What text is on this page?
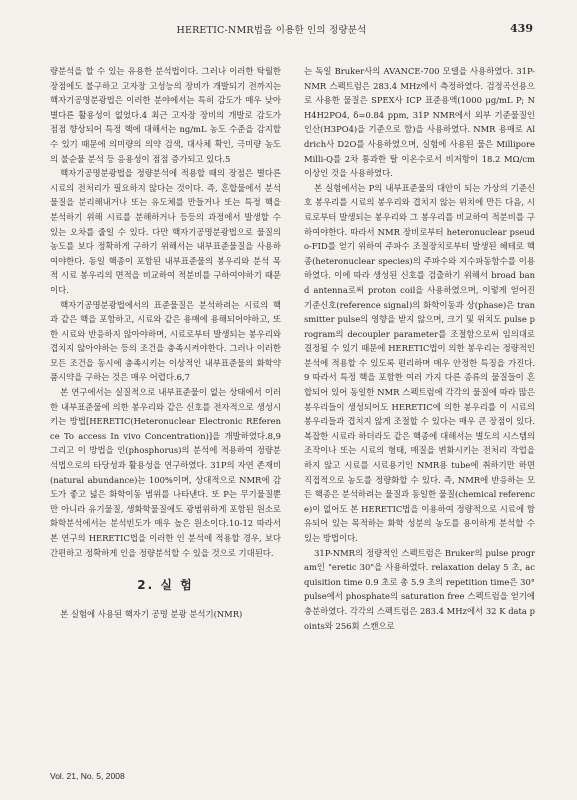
HERETIC-NMR법을 이용한 인의 정량분석	439

량분석을 할 수 있는 유용한 분석법이다. 그러나 이러한 탁월한 장점에도 불구하고 고자장 고성능의 장비가 개발되기 전까지는 핵자기공명분광법은 이러한 분야에서는 특히 감도가 매우 낮아 별다른 활용성이 없었다.4 최근 고자장 장비의 개발로 감도가 점점 향상되어 특정 핵에 대해서는 ng/mL 농도 수준을 감지할 수 있기 때문에 의미량의 의약 검색, 대사체 확인, 극미량 농도의 불순물 분석 등 응용성이 점점 증가되고 있다.5

핵자기공명분광법을 정량분석에 적용할 때의 장점은 별다른 시료의 전처리가 필요하지 않다는 것이다. 즉, 혼합물에서 분석물질을 분리해내거나 또는 유도체를 만들거나 또는 특정 핵을 분석하기 위해 시료를 분해하거나 등등의 과정에서 발생할 수 있는 오차를 줄일 수 있다. 다만 핵자기공명분광법으로 물질의 농도를 보다 정확하게 구하기 위해서는 내부표준물질을 사용하여야한다. 동일 핵종이 포함된 내부표준물의 봉우리와 분석 목적 시료 봉우리의 면적을 비교하여 적분비를 구하여야하기 때문이다.

핵자기공명분광법에서의 표준물질은 분석하려는 시료의 핵과 같은 핵을 포함하고, 시료와 같은 용매에 용해되어야하고, 또한 시료와 반응하지 않아야하며, 시료로부터 발생되는 봉우리와 겹치지 않아야하는 등의 조건을 충족시켜야한다. 그러나 이러한 모든 조건을 동시에 충족시키는 이상적인 내부표준물의 화학약품시약을 구하는 것은 매우 어렵다.6,7

본 연구에서는 실질적으로 내부표준물이 없는 상태에서 이러한 내부표준물에 의한 봉우리와 같은 신호를 전자적으로 생성시키는 방법[HERETIC(Heteronuclear Electronic REference To access In vivo Concentration)]을 개발하였다.8,9 그리고 이 방법을 인(phosphorus)의 분석에 적용하여 정량분석법으로의 타당성과 활용성을 연구하였다. 31P의 자연 존재비(natural abundance)는 100%이며, 상대적으로 NMR에 감도가 좋고 넓은 화학이동 범위를 나타낸다. 또 P는 무기물질뿐만 아니라 유기물질, 생화학물질에도 광범위하게 포함된 원소로 화학분석에서는 분석빈도가 매우 높은 원소이다.10-12 따라서 본 연구의 HERETIC법을 이러한 인 분석에 적용할 경우, 보다 간편하고 정확하게 인을 정량분석할 수 있을 것으로 기대된다.

2. 실 험

본 실험에 사용된 핵자기 공명 분광 분석기(NMR)

는 독일 Bruker사의 AVANCE-700 모델을 사용하였다. 31P-NMR 스펙트럼은 283.4 MHz에서 측정하였다. 검정곡선용으로 사용한 물질은 SPEX사 ICP 표준용액(1000 μg/mL P; NH4H2PO4, δ=0.84 ppm, 31P NMR에서 외부 기준물질인 인산(H3PO4)을 기준으로 함)을 사용하였다. NMR 용매로 Aldrich사 D2O를 사용하였으며, 실험에 사용된 물은 Millipore Milli-Q를 2차 통과한 탈 이온수로서 비저항이 18.2 MΩ/cm 이상인 것을 사용하였다.

본 실험에서는 P의 내부표준물의 대안이 되는 가상의 기준신호 봉우리를 시료의 봉우리와 겹치지 않는 위치에 만든 다음, 시료로부터 발생되는 봉우리와 그 봉우리를 비교하여 적분비를 구하여야한다. 따라서 NMR 장비로부터 heteronuclear pseudo-FID를 얻기 위하여 주파수 조절장치로부터 발생된 헤테로 핵종(heteronuclear species)의 주파수와 지수파동함수를 이용하였다. 이에 따라 생성된 신호를 검출하기 위해서 broad band antenna로써 proton coil을 사용하였으며, 이렇게 얻어진 기준신호(reference signal)의 화학이동과 상(phase)은 transmitter pulse의 영향을 받지 않으며, 크기 및 위치도 pulse program의 decoupler parameter를 조절함으로써 임의대로 결정될 수 있기 때문에 HERETIC법이 의한 봉우리는 정량적인 분석에 적용할 수 있도록 편리하며 매우 안정한 특징을 가진다.9 따라서 특정 핵을 포함한 여러 가지 다른 종류의 물질들이 혼합되어 있어 동일한 NMR 스펙트럼에 각각의 물질에 따라 많은 봉우리들이 생성되어도 HERETIC에 의한 봉우리를 이 시료의 봉우리들과 겹치지 않게 조절할 수 있다는 매우 큰 장점이 있다. 복잡한 시료라 하더라도 같은 핵종에 대해서는 별도의 시스템의 조작이나 또는 시료의 형태, 매질을 변화시키는 전처리 작업을 하지 않고 시료를 시료용기인 NMR용 tube에 취하기만 하면 직접적으로 농도를 정량화할 수 있다. 즉, NMR에 반응하는 모든 핵종은 분석하려는 물질과 동일한 물질(chemical reference)이 없어도 본 HERETIC법을 이용하여 정량적으로 시료에 함유되어 있는 목적하는 화학 성분의 농도를 용이하게 분석할 수 있는 방법이다.

31P-NMR의 정량적인 스펙트럼은 Bruker의 pulse program인 "eretic 30"을 사용하였다. relaxation delay 5 초, acquisition time 0.9 초로 총 5.9 초의 repetition time은 30° pulse에서 phosphate의 saturation free 스펙트럼을 얻기에 충분하였다. 각각의 스펙트럼은 283.4 MHz에서 32 K data points와 256회 스캔으로

Vol. 21, No. 5, 2008
